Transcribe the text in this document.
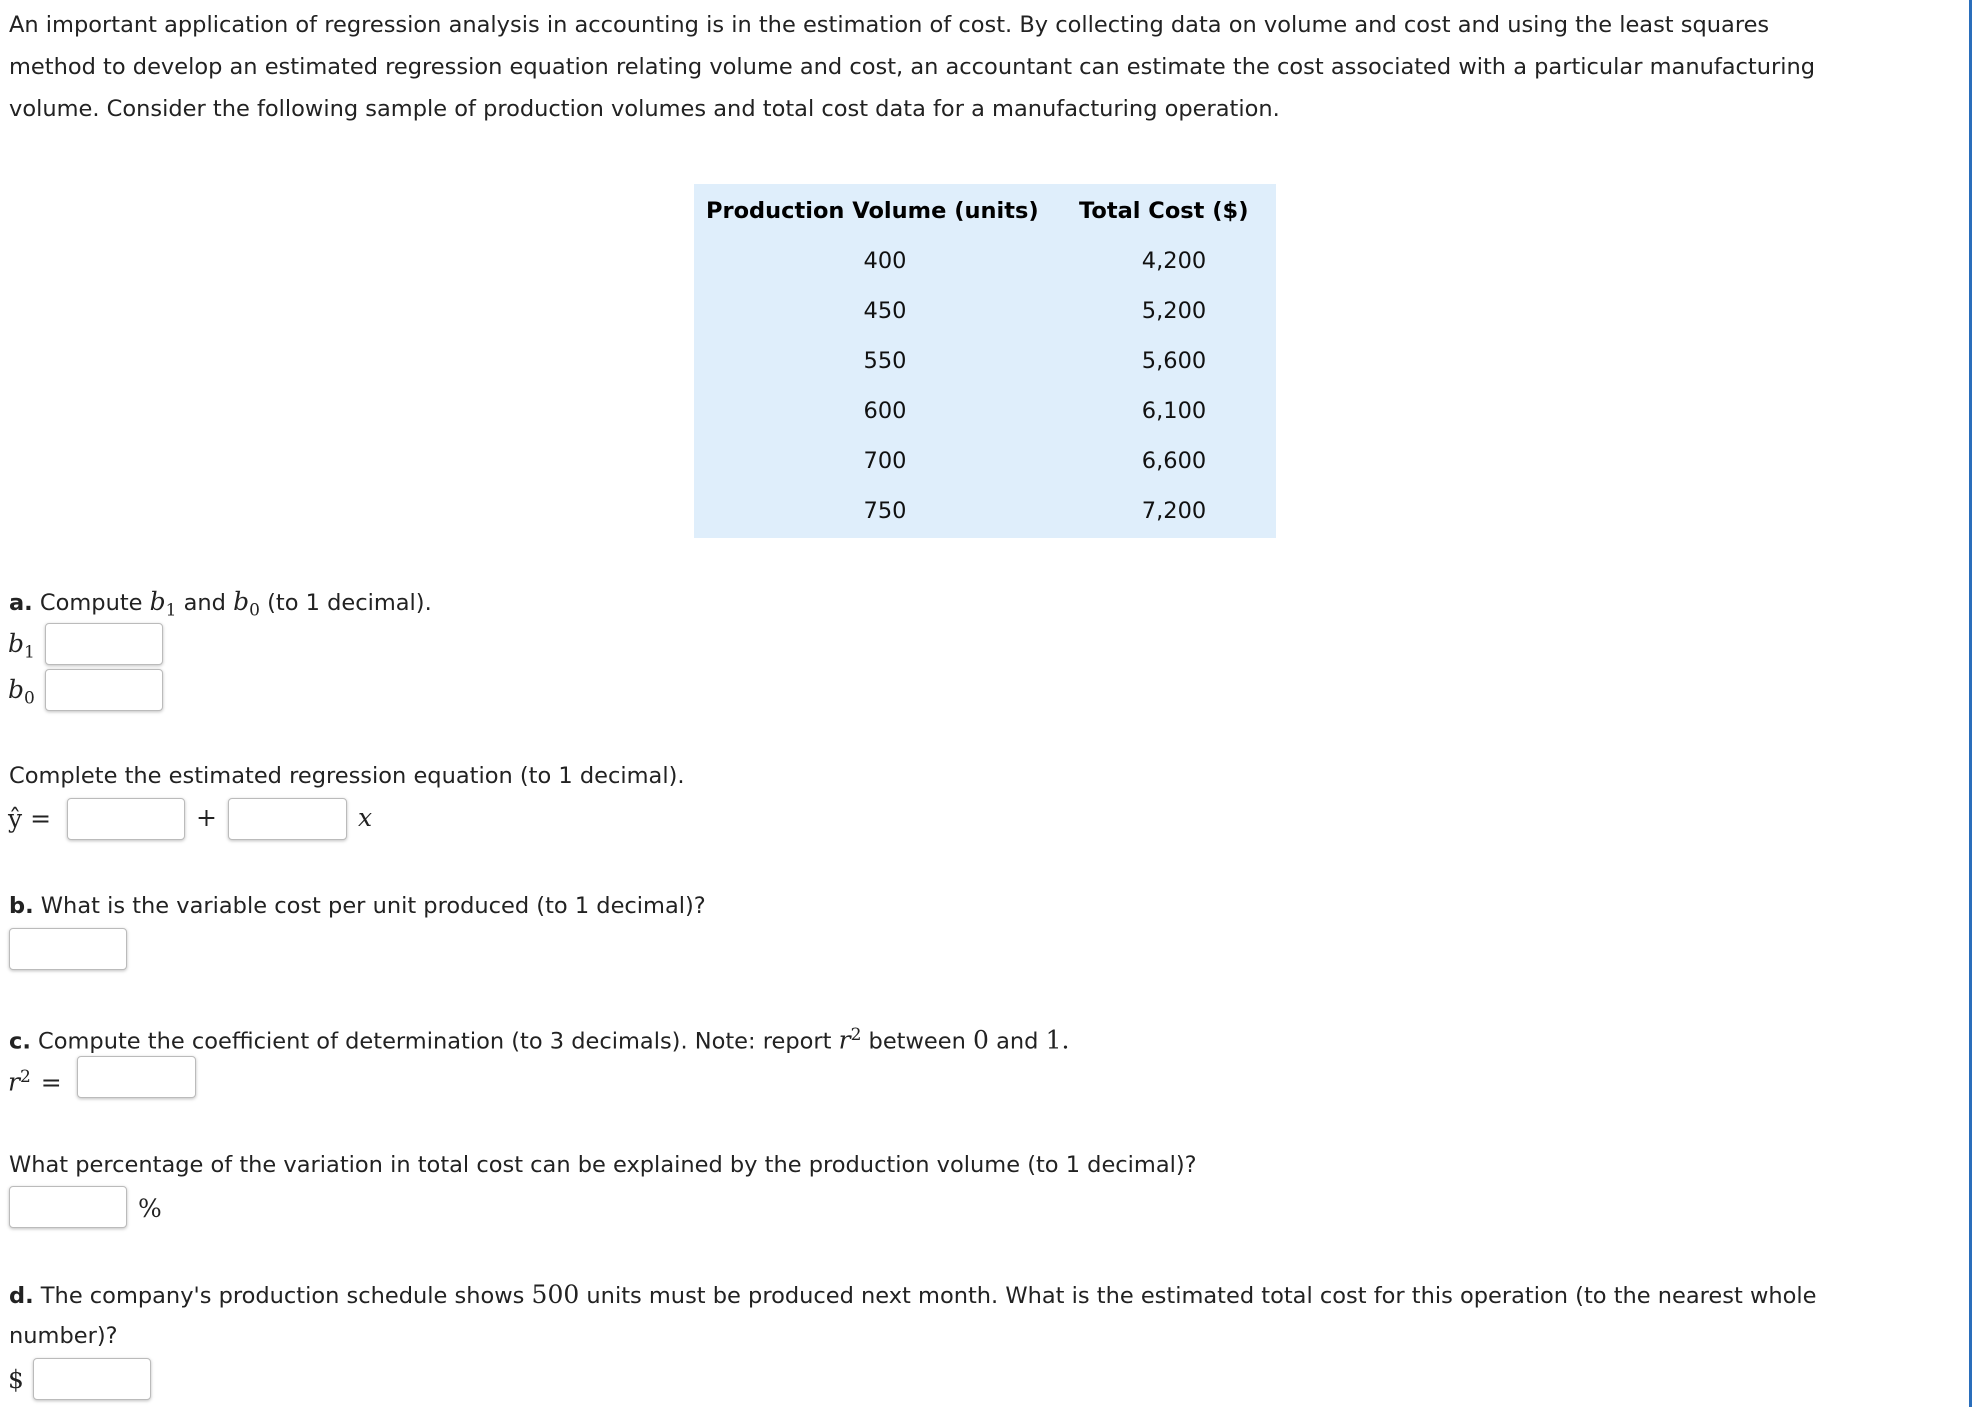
An important application of regression analysis in accounting is in the estimation of cost. By collecting data on volume and cost and using the least squares
method to develop an estimated regression equation relating volume and cost, an accountant can estimate the cost associated with a particular manufacturing
volume. Consider the following sample of production volumes and total cost data for a manufacturing operation.
Production Volume (units) Total Cost ($)
400	4,200
450	5,200
550	5,600
600	6,100
700	6,600
750	7,200
a. Compute $b_1$ and $b_0$ (to 1 decimal).
$b_1$
$b_0$
Complete the estimated regression equation (to 1 decimal).
ŷ =	+	x
b. What is the variable cost per unit produced (to 1 decimal)?
c. Compute the coefficient of determination (to 3 decimals). Note: report $r^2$ between 0 and 1.
$r^2$ =
What percentage of the variation in total cost can be explained by the production volume (to 1 decimal)?
%
d. The company's production schedule shows 500 units must be produced next month. What is the estimated total cost for this operation (to the nearest whole
number)?
$
